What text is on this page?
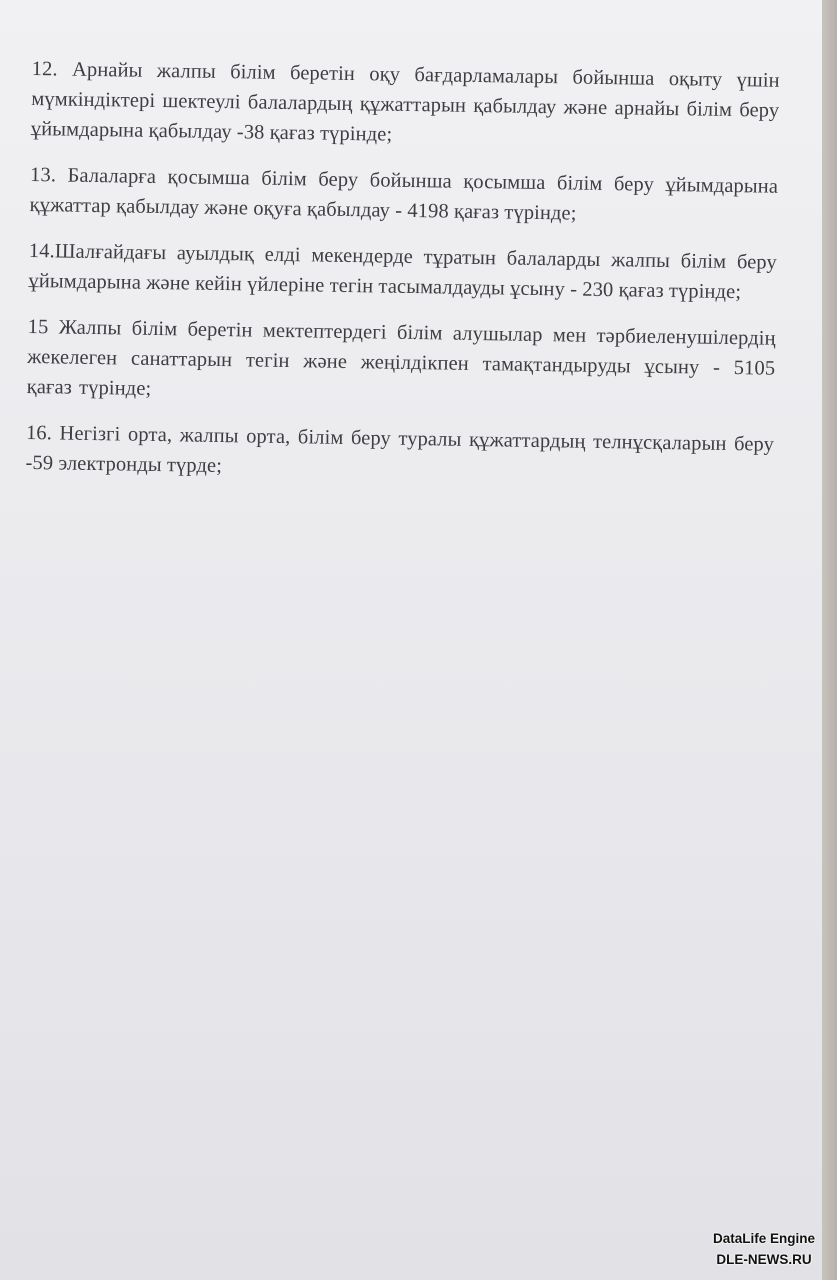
12. Арнайы жалпы білім беретін оқу бағдарламалары бойынша оқыту үшін мүмкіндіктері шектеулі балалардың құжаттарын қабылдау және арнайы білім беру ұйымдарына қабылдау -38 қағаз түрінде;

13. Балаларға қосымша білім беру бойынша қосымша білім беру ұйымдарына құжаттар қабылдау және оқуға қабылдау - 4198 қағаз түрінде;

14.Шалғайдағы ауылдық елді мекендерде тұратын балаларды жалпы білім беру ұйымдарына және кейін үйлеріне тегін тасымалдауды ұсыну - 230 қағаз түрінде;

15 Жалпы білім беретін мектептердегі білім алушылар мен тәрбиеленушілердің жекелеген санаттарын тегін және жеңілдікпен тамақтандыруды ұсыну - 5105 қағаз түрінде;

16. Негізгі орта, жалпы орта, білім беру туралы құжаттардың телнұсқаларын беру -59 электронды түрде;

DataLife Engine
DLE-NEWS.RU
